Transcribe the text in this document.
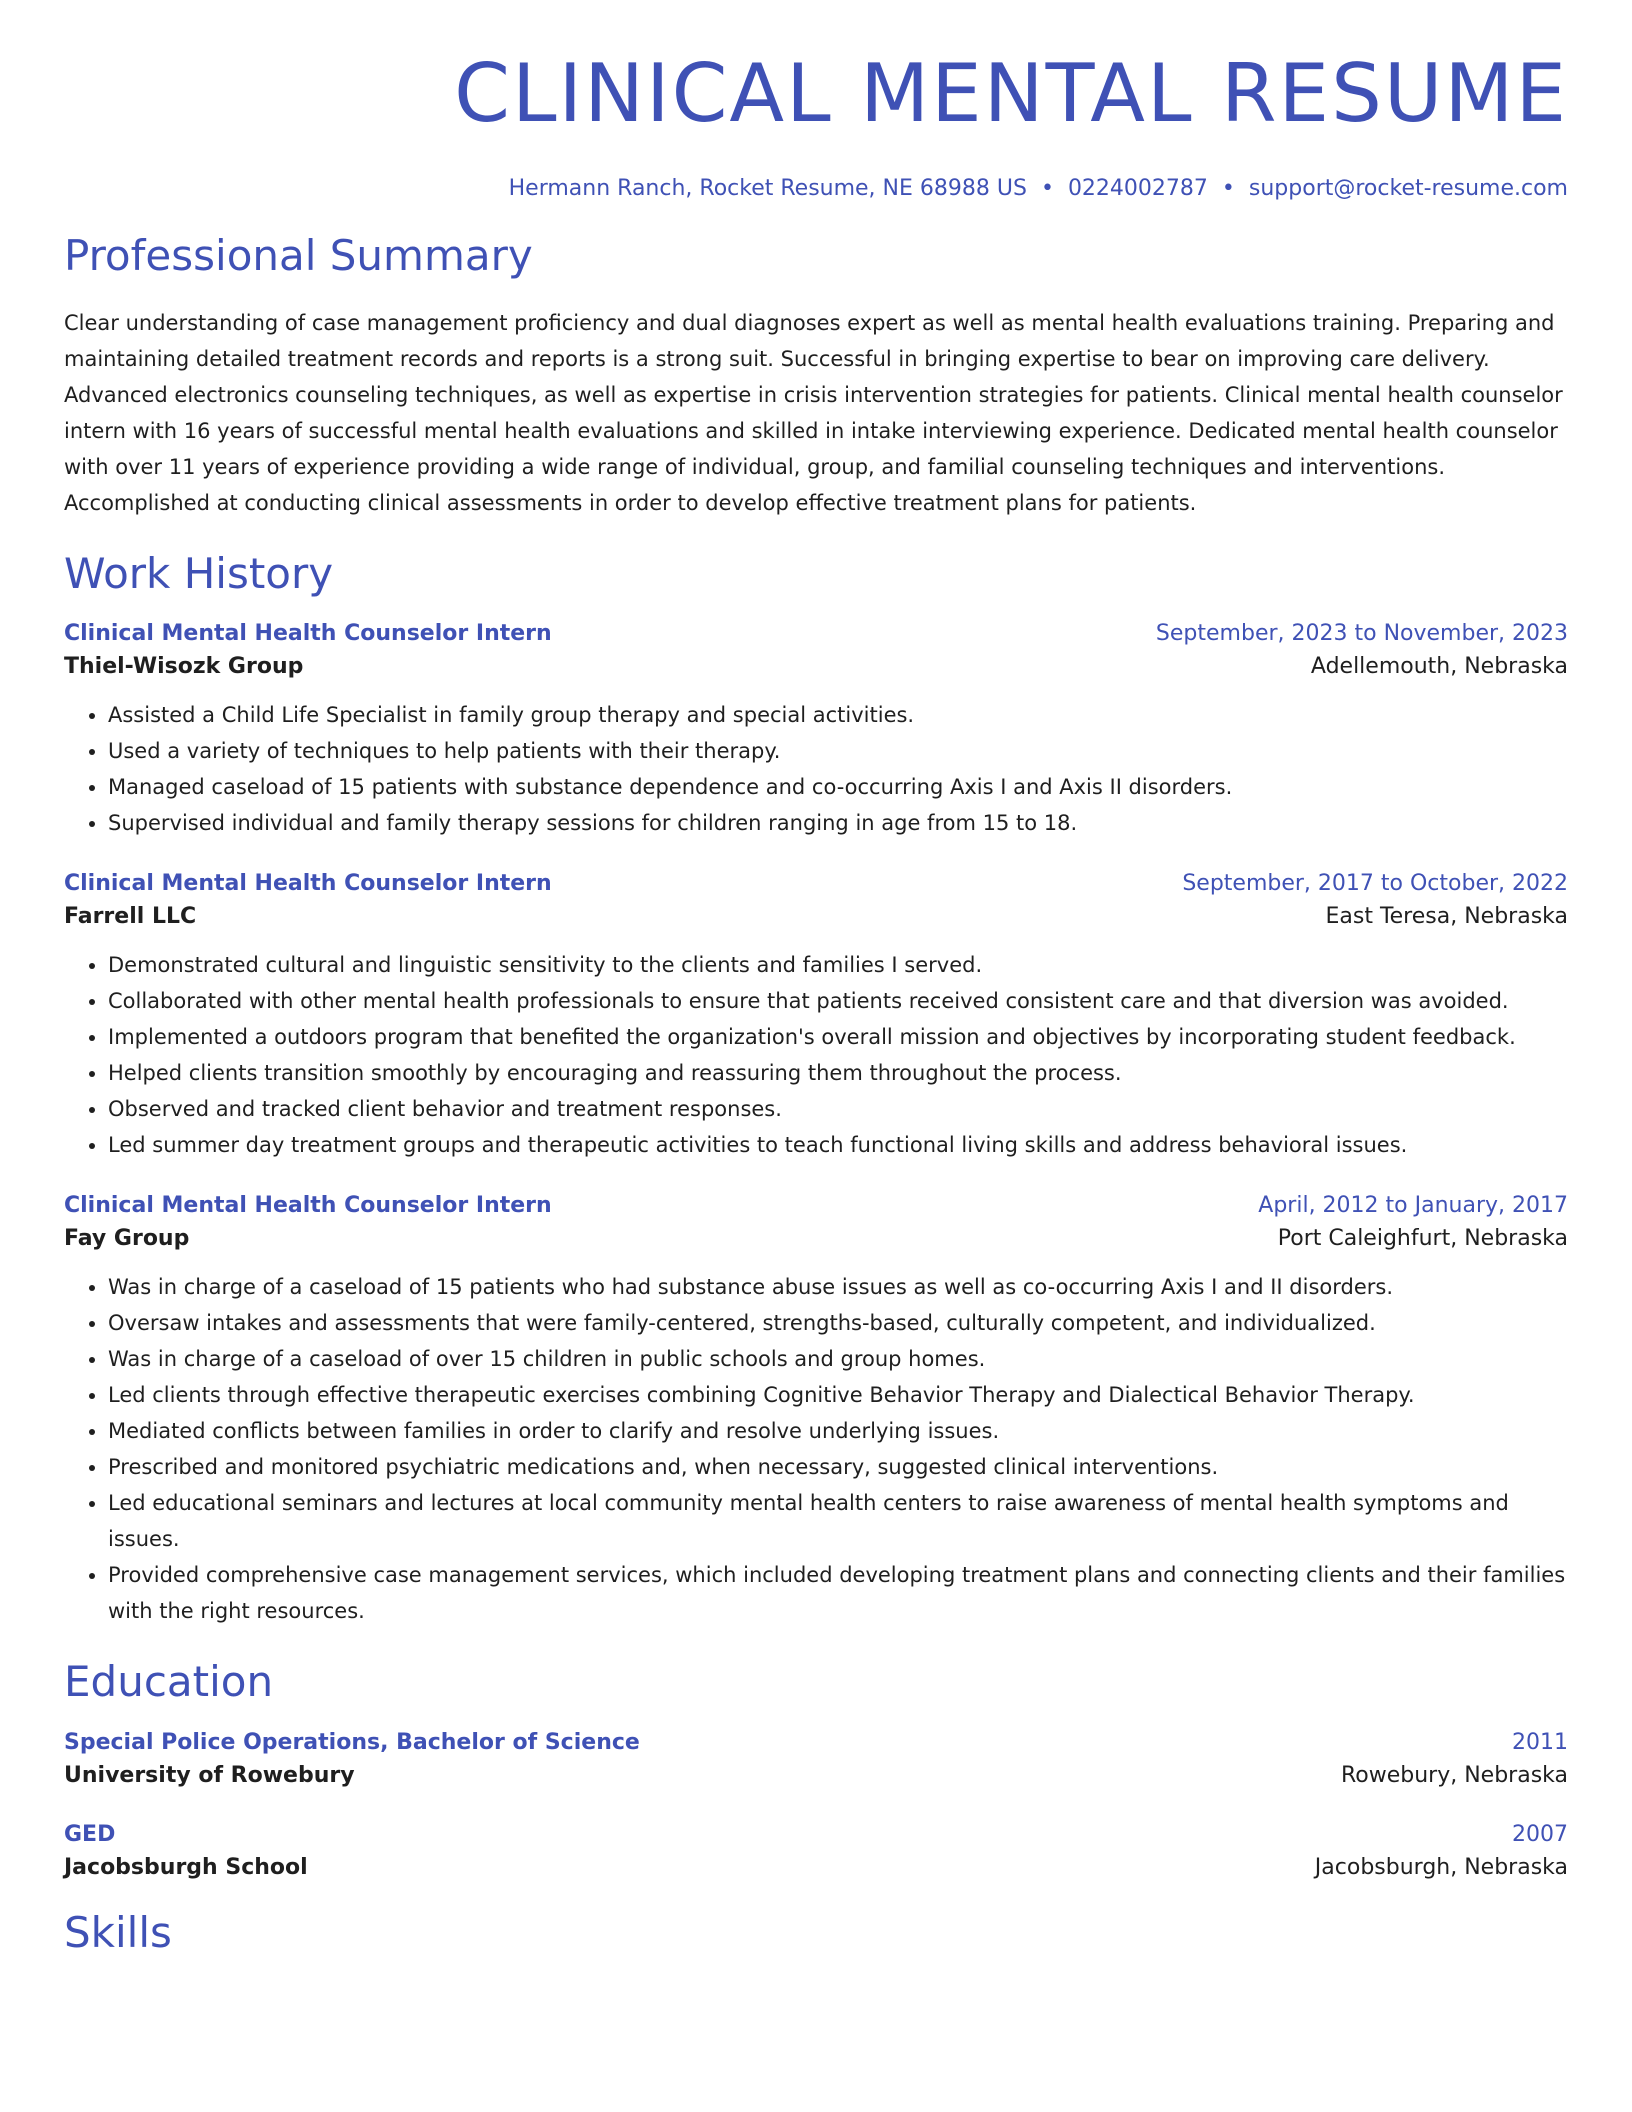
CLINICAL MENTAL RESUME
Hermann Ranch, Rocket Resume, NE 68988 US • 0224002787 • support@rocket-resume.com
Professional Summary

Clear understanding of case management proficiency and dual diagnoses expert as well as mental health evaluations training. Preparing and maintaining detailed treatment records and reports is a strong suit. Successful in bringing expertise to bear on improving care delivery. Advanced electronics counseling techniques, as well as expertise in crisis intervention strategies for patients. Clinical mental health counselor intern with 16 years of successful mental health evaluations and skilled in intake interviewing experience. Dedicated mental health counselor with over 11 years of experience providing a wide range of individual, group, and familial counseling techniques and interventions. Accomplished at conducting clinical assessments in order to develop effective treatment plans for patients.

Work History
Clinical Mental Health Counselor Intern	September, 2023 to November, 2023
Thiel-Wisozk Group	Adellemouth, Nebraska
• Assisted a Child Life Specialist in family group therapy and special activities.
• Used a variety of techniques to help patients with their therapy.
• Managed caseload of 15 patients with substance dependence and co-occurring Axis I and Axis II disorders.
• Supervised individual and family therapy sessions for children ranging in age from 15 to 18.
Clinical Mental Health Counselor Intern	September, 2017 to October, 2022
Farrell LLC	East Teresa, Nebraska
• Demonstrated cultural and linguistic sensitivity to the clients and families I served.
• Collaborated with other mental health professionals to ensure that patients received consistent care and that diversion was avoided.
• Implemented a outdoors program that benefited the organization's overall mission and objectives by incorporating student feedback.
• Helped clients transition smoothly by encouraging and reassuring them throughout the process.
• Observed and tracked client behavior and treatment responses.
• Led summer day treatment groups and therapeutic activities to teach functional living skills and address behavioral issues.
Clinical Mental Health Counselor Intern	April, 2012 to January, 2017
Fay Group	Port Caleighfurt, Nebraska
• Was in charge of a caseload of 15 patients who had substance abuse issues as well as co-occurring Axis I and II disorders.
• Oversaw intakes and assessments that were family-centered, strengths-based, culturally competent, and individualized.
• Was in charge of a caseload of over 15 children in public schools and group homes.
• Led clients through effective therapeutic exercises combining Cognitive Behavior Therapy and Dialectical Behavior Therapy.
• Mediated conflicts between families in order to clarify and resolve underlying issues.
• Prescribed and monitored psychiatric medications and, when necessary, suggested clinical interventions.
• Led educational seminars and lectures at local community mental health centers to raise awareness of mental health symptoms and issues.
• Provided comprehensive case management services, which included developing treatment plans and connecting clients and their families with the right resources.
Education
Special Police Operations, Bachelor of Science	2011
University of Rowebury	Rowebury, Nebraska
GED	2007
Jacobsburgh School	Jacobsburgh, Nebraska
Skills
